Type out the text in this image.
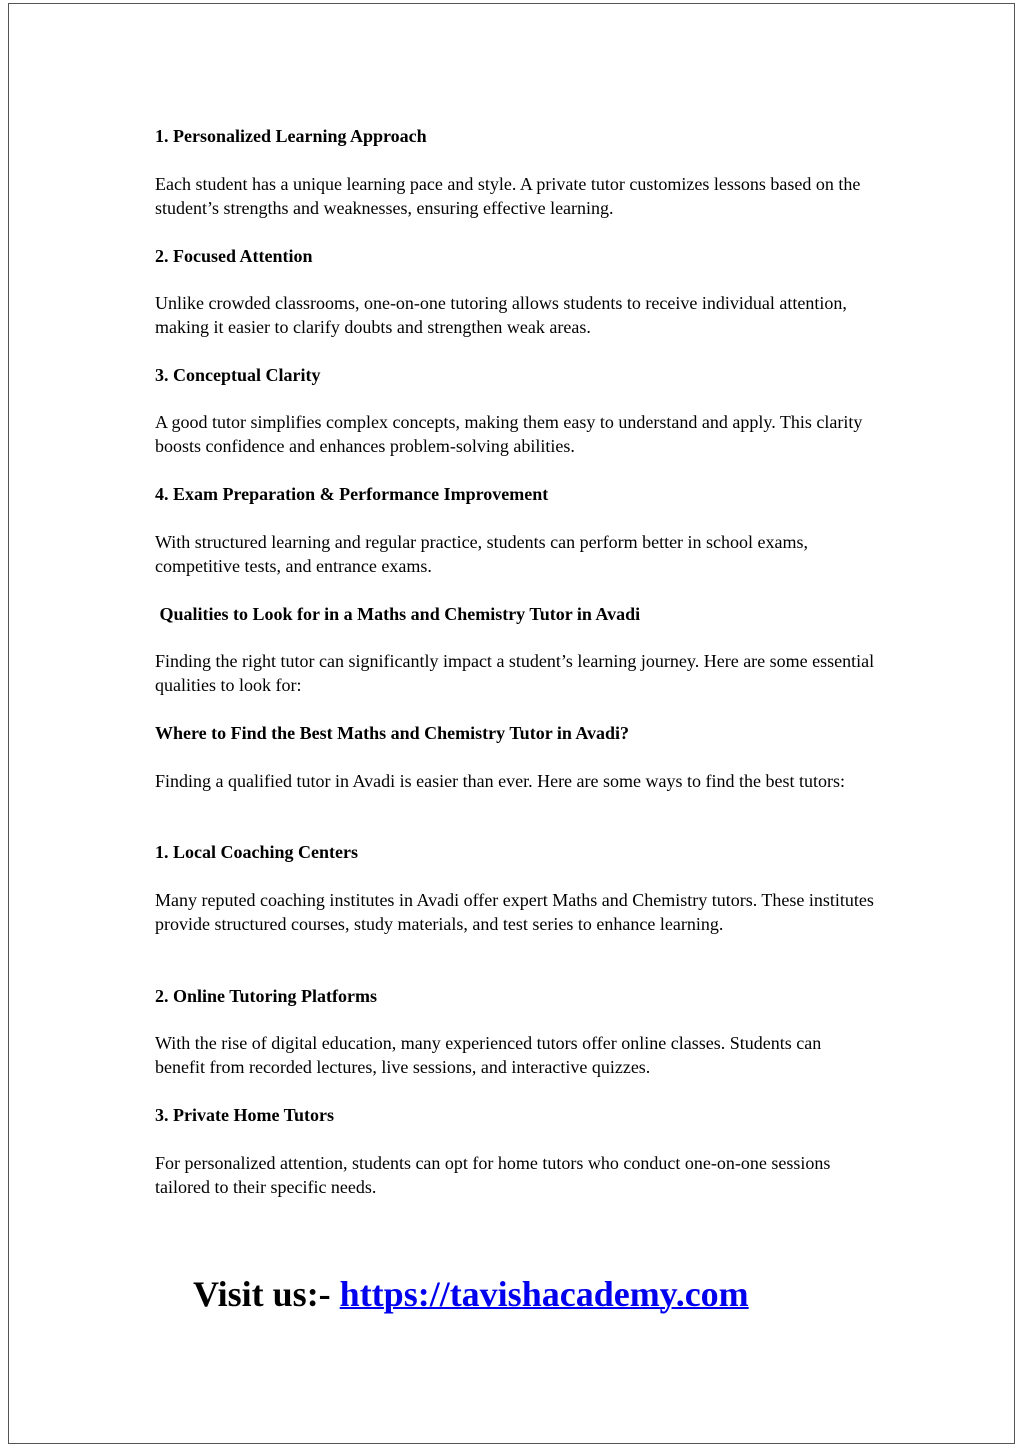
1. Personalized Learning Approach

Each student has a unique learning pace and style. A private tutor customizes lessons based on the student’s strengths and weaknesses, ensuring effective learning.

2. Focused Attention

Unlike crowded classrooms, one-on-one tutoring allows students to receive individual attention, making it easier to clarify doubts and strengthen weak areas.

3. Conceptual Clarity

A good tutor simplifies complex concepts, making them easy to understand and apply. This clarity boosts confidence and enhances problem-solving abilities.

4. Exam Preparation & Performance Improvement

With structured learning and regular practice, students can perform better in school exams, competitive tests, and entrance exams.

Qualities to Look for in a Maths and Chemistry Tutor in Avadi

Finding the right tutor can significantly impact a student’s learning journey. Here are some essential qualities to look for:

Where to Find the Best Maths and Chemistry Tutor in Avadi?

Finding a qualified tutor in Avadi is easier than ever. Here are some ways to find the best tutors:

1. Local Coaching Centers

Many reputed coaching institutes in Avadi offer expert Maths and Chemistry tutors. These institutes provide structured courses, study materials, and test series to enhance learning.

2. Online Tutoring Platforms

With the rise of digital education, many experienced tutors offer online classes. Students can benefit from recorded lectures, live sessions, and interactive quizzes.

3. Private Home Tutors

For personalized attention, students can opt for home tutors who conduct one-on-one sessions tailored to their specific needs.

Visit us:- https://tavishacademy.com
